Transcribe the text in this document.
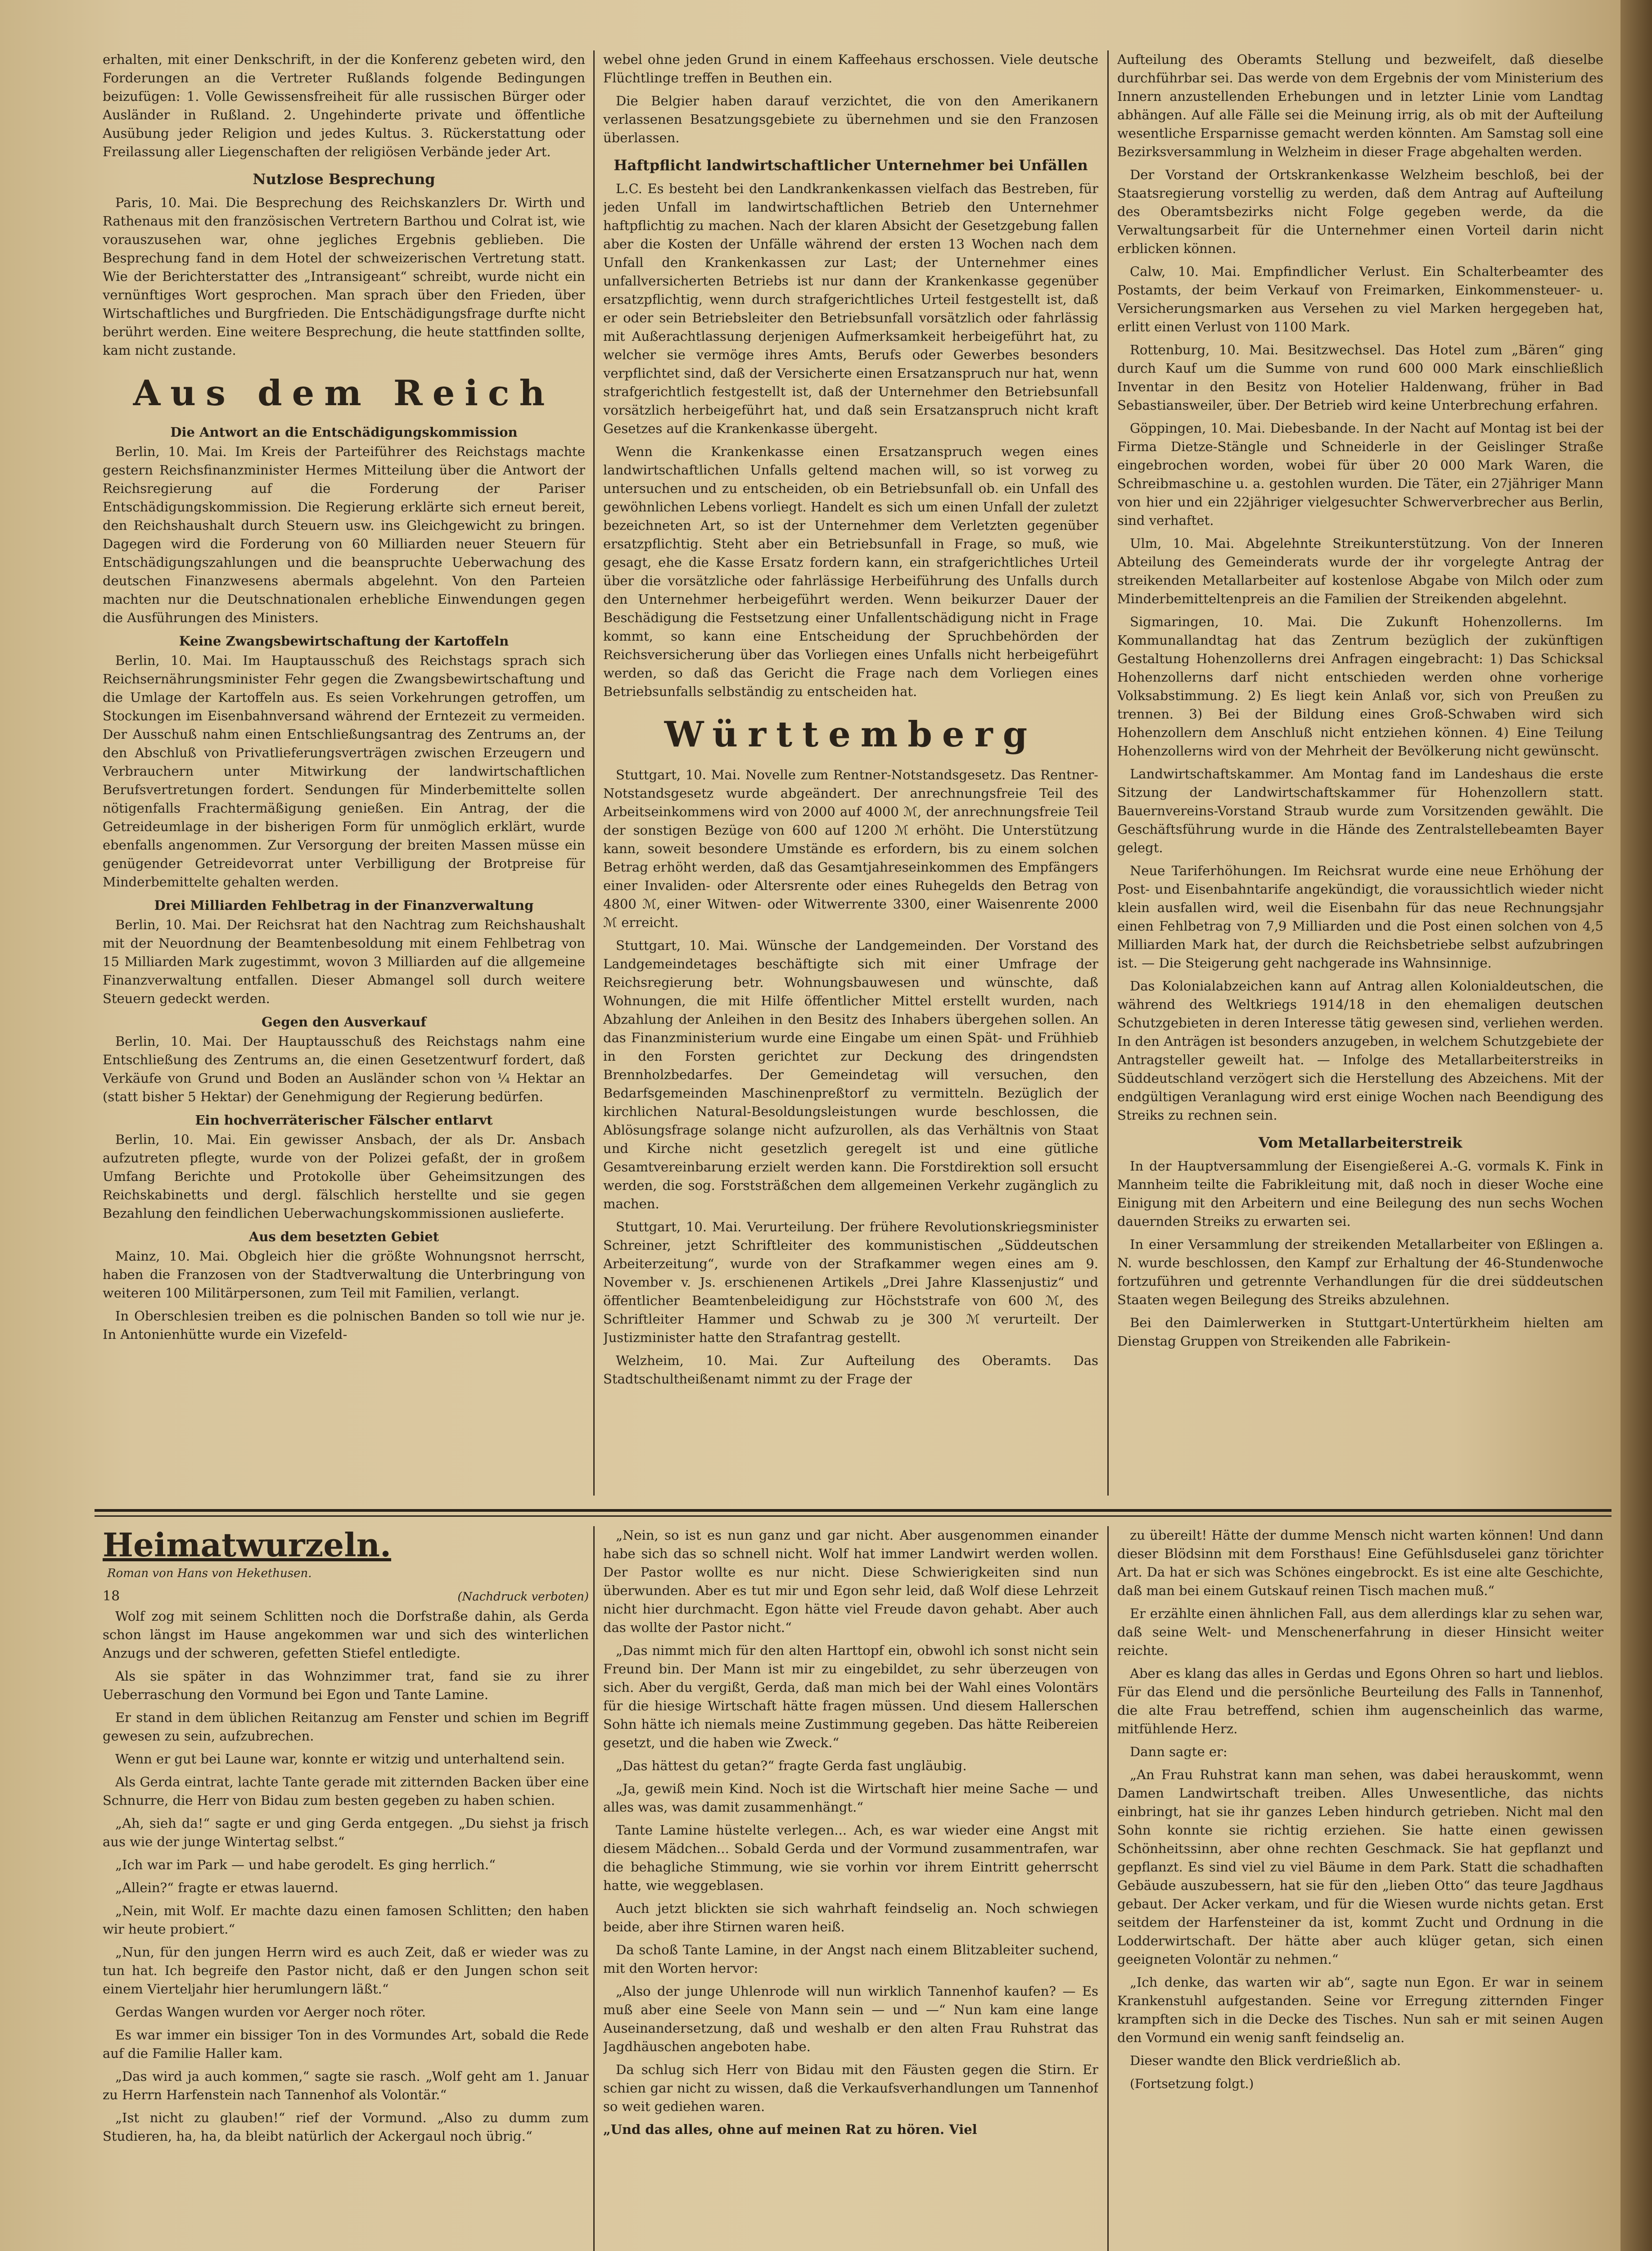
erhalten, mit einer Denkschrift, in der die Konferenz gebeten wird, den Forderungen an die Vertreter Rußlands folgende Bedingungen beizufügen: 1. Volle Gewissensfreiheit für alle russischen Bürger oder Ausländer in Rußland. 2. Ungehinderte private und öffentliche Ausübung jeder Religion und jedes Kultus. 3. Rückerstattung oder Freilassung aller Liegenschaften der religiösen Verbände jeder Art.

Nutzlose Besprechung

Paris, 10. Mai. Die Besprechung des Reichskanzlers Dr. Wirth und Rathenaus mit den französischen Vertretern Barthou und Colrat ist, wie vorauszusehen war, ohne jegliches Ergebnis geblieben. Die Besprechung fand in dem Hotel der schweizerischen Vertretung statt. Wie der Berichterstatter des „Intransigeant“ schreibt, wurde nicht ein vernünftiges Wort gesprochen. Man sprach über den Frieden, über Wirtschaftliches und Burgfrieden. Die Entschädigungsfrage durfte nicht berührt werden. Eine weitere Besprechung, die heute stattfinden sollte, kam nicht zustande.

Aus dem Reich
Die Antwort an die Entschädigungskommission

Berlin, 10. Mai. Im Kreis der Parteiführer des Reichstags machte gestern Reichsfinanzminister Hermes Mitteilung über die Antwort der Reichsregierung auf die Forderung der Pariser Entschädigungskommission. Die Regierung erklärte sich erneut bereit, den Reichshaushalt durch Steuern usw. ins Gleichgewicht zu bringen. Dagegen wird die Forderung von 60 Milliarden neuer Steuern für Entschädigungszahlungen und die beanspruchte Ueberwachung des deutschen Finanzwesens abermals abgelehnt. Von den Parteien machten nur die Deutschnationalen erhebliche Einwendungen gegen die Ausführungen des Ministers.

Keine Zwangsbewirtschaftung der Kartoffeln

Berlin, 10. Mai. Im Hauptausschuß des Reichstags sprach sich Reichsernährungsminister Fehr gegen die Zwangsbewirtschaftung und die Umlage der Kartoffeln aus. Es seien Vorkehrungen getroffen, um Stockungen im Eisenbahnversand während der Erntezeit zu vermeiden. Der Ausschuß nahm einen Entschließungsantrag des Zentrums an, der den Abschluß von Privatlieferungsverträgen zwischen Erzeugern und Verbrauchern unter Mitwirkung der landwirtschaftlichen Berufsvertretungen fordert. Sendungen für Minderbemittelte sollen nötigenfalls Frachtermäßigung genießen. Ein Antrag, der die Getreideumlage in der bisherigen Form für unmöglich erklärt, wurde ebenfalls angenommen. Zur Versorgung der breiten Massen müsse ein genügender Getreidevorrat unter Verbilligung der Brotpreise für Minderbemittelte gehalten werden.

Drei Milliarden Fehlbetrag in der Finanzverwaltung

Berlin, 10. Mai. Der Reichsrat hat den Nachtrag zum Reichshaushalt mit der Neuordnung der Beamtenbesoldung mit einem Fehlbetrag von 15 Milliarden Mark zugestimmt, wovon 3 Milliarden auf die allgemeine Finanzverwaltung entfallen. Dieser Abmangel soll durch weitere Steuern gedeckt werden.

Gegen den Ausverkauf

Berlin, 10. Mai. Der Hauptausschuß des Reichstags nahm eine Entschließung des Zentrums an, die einen Gesetzentwurf fordert, daß Verkäufe von Grund und Boden an Ausländer schon von ¼ Hektar an (statt bisher 5 Hektar) der Genehmigung der Regierung bedürfen.

Ein hochverräterischer Fälscher entlarvt

Berlin, 10. Mai. Ein gewisser Ansbach, der als Dr. Ansbach aufzutreten pflegte, wurde von der Polizei gefaßt, der in großem Umfang Berichte und Protokolle über Geheimsitzungen des Reichskabinetts und dergl. fälschlich herstellte und sie gegen Bezahlung den feindlichen Ueberwachungskommissionen auslieferte.

Aus dem besetzten Gebiet

Mainz, 10. Mai. Obgleich hier die größte Wohnungsnot herrscht, haben die Franzosen von der Stadtverwaltung die Unterbringung von weiteren 100 Militärpersonen, zum Teil mit Familien, verlangt.

In Oberschlesien treiben es die polnischen Banden so toll wie nur je. In Antonienhütte wurde ein Vizefeld-

webel ohne jeden Grund in einem Kaffeehaus erschossen. Viele deutsche Flüchtlinge treffen in Beuthen ein.

Die Belgier haben darauf verzichtet, die von den Amerikanern verlassenen Besatzungsgebiete zu übernehmen und sie den Franzosen überlassen.

Haftpflicht landwirtschaftlicher Unternehmer bei Unfällen

L.C. Es besteht bei den Landkrankenkassen vielfach das Bestreben, für jeden Unfall im landwirtschaftlichen Betrieb den Unternehmer haftpflichtig zu machen. Nach der klaren Absicht der Gesetzgebung fallen aber die Kosten der Unfälle während der ersten 13 Wochen nach dem Unfall den Krankenkassen zur Last; der Unternehmer eines unfallversicherten Betriebs ist nur dann der Krankenkasse gegenüber ersatzpflichtig, wenn durch strafgerichtliches Urteil festgestellt ist, daß er oder sein Betriebsleiter den Betriebsunfall vorsätzlich oder fahrlässig mit Außerachtlassung derjenigen Aufmerksamkeit herbeigeführt hat, zu welcher sie vermöge ihres Amts, Berufs oder Gewerbes besonders verpflichtet sind, daß der Versicherte einen Ersatzanspruch nur hat, wenn strafgerichtlich festgestellt ist, daß der Unternehmer den Betriebsunfall vorsätzlich herbeigeführt hat, und daß sein Ersatzanspruch nicht kraft Gesetzes auf die Krankenkasse übergeht.

Wenn die Krankenkasse einen Ersatzanspruch wegen eines landwirtschaftlichen Unfalls geltend machen will, so ist vorweg zu untersuchen und zu entscheiden, ob ein Betriebsunfall ob. ein Unfall des gewöhnlichen Lebens vorliegt. Handelt es sich um einen Unfall der zuletzt bezeichneten Art, so ist der Unternehmer dem Verletzten gegenüber ersatzpflichtig. Steht aber ein Betriebsunfall in Frage, so muß, wie gesagt, ehe die Kasse Ersatz fordern kann, ein strafgerichtliches Urteil über die vorsätzliche oder fahrlässige Herbeiführung des Unfalls durch den Unternehmer herbeigeführt werden. Wenn beikurzer Dauer der Beschädigung die Festsetzung einer Unfallentschädigung nicht in Frage kommt, so kann eine Entscheidung der Spruchbehörden der Reichsversicherung über das Vorliegen eines Unfalls nicht herbeigeführt werden, so daß das Gericht die Frage nach dem Vorliegen eines Betriebsunfalls selbständig zu entscheiden hat.

Württemberg

Stuttgart, 10. Mai. Novelle zum Rentner-Notstandsgesetz. Das Rentner-Notstandsgesetz wurde abgeändert. Der anrechnungsfreie Teil des Arbeitseinkommens wird von 2000 auf 4000 ℳ, der anrechnungsfreie Teil der sonstigen Bezüge von 600 auf 1200 ℳ erhöht. Die Unterstützung kann, soweit besondere Umstände es erfordern, bis zu einem solchen Betrag erhöht werden, daß das Gesamtjahreseinkommen des Empfängers einer Invaliden- oder Altersrente oder eines Ruhegelds den Betrag von 4800 ℳ, einer Witwen- oder Witwerrente 3300, einer Waisenrente 2000 ℳ erreicht.

Stuttgart, 10. Mai. Wünsche der Landgemeinden. Der Vorstand des Landgemeindetages beschäftigte sich mit einer Umfrage der Reichsregierung betr. Wohnungsbauwesen und wünschte, daß Wohnungen, die mit Hilfe öffentlicher Mittel erstellt wurden, nach Abzahlung der Anleihen in den Besitz des Inhabers übergehen sollen. An das Finanzministerium wurde eine Eingabe um einen Spät- und Frühhieb in den Forsten gerichtet zur Deckung des dringendsten Brennholzbedarfes. Der Gemeindetag will versuchen, den Bedarfsgemeinden Maschinenpreßtorf zu vermitteln. Bezüglich der kirchlichen Natural-Besoldungsleistungen wurde beschlossen, die Ablösungsfrage solange nicht aufzurollen, als das Verhältnis von Staat und Kirche nicht gesetzlich geregelt ist und eine gütliche Gesamtvereinbarung erzielt werden kann. Die Forstdirektion soll ersucht werden, die sog. Forststräßchen dem allgemeinen Verkehr zugänglich zu machen.

Stuttgart, 10. Mai. Verurteilung. Der frühere Revolutionskriegsminister Schreiner, jetzt Schriftleiter des kommunistischen „Süddeutschen Arbeiterzeitung“, wurde von der Strafkammer wegen eines am 9. November v. Js. erschienenen Artikels „Drei Jahre Klassenjustiz“ und öffentlicher Beamtenbeleidigung zur Höchststrafe von 600 ℳ, des Schriftleiter Hammer und Schwab zu je 300 ℳ verurteilt. Der Justizminister hatte den Strafantrag gestellt.

Welzheim, 10. Mai. Zur Aufteilung des Oberamts. Das Stadtschultheißenamt nimmt zu der Frage der

Aufteilung des Oberamts Stellung und bezweifelt, daß dieselbe durchführbar sei. Das werde von dem Ergebnis der vom Ministerium des Innern anzustellenden Erhebungen und in letzter Linie vom Landtag abhängen. Auf alle Fälle sei die Meinung irrig, als ob mit der Aufteilung wesentliche Ersparnisse gemacht werden könnten. Am Samstag soll eine Bezirksversammlung in Welzheim in dieser Frage abgehalten werden.

Der Vorstand der Ortskrankenkasse Welzheim beschloß, bei der Staatsregierung vorstellig zu werden, daß dem Antrag auf Aufteilung des Oberamtsbezirks nicht Folge gegeben werde, da die Verwaltungsarbeit für die Unternehmer einen Vorteil darin nicht erblicken können.

Calw, 10. Mai. Empfindlicher Verlust. Ein Schalterbeamter des Postamts, der beim Verkauf von Freimarken, Einkommensteuer- u. Versicherungsmarken aus Versehen zu viel Marken hergegeben hat, erlitt einen Verlust von 1100 Mark.

Rottenburg, 10. Mai. Besitzwechsel. Das Hotel zum „Bären“ ging durch Kauf um die Summe von rund 600 000 Mark einschließlich Inventar in den Besitz von Hotelier Haldenwang, früher in Bad Sebastiansweiler, über. Der Betrieb wird keine Unterbrechung erfahren.

Göppingen, 10. Mai. Diebesbande. In der Nacht auf Montag ist bei der Firma Dietze-Stängle und Schneiderle in der Geislinger Straße eingebrochen worden, wobei für über 20 000 Mark Waren, die Schreibmaschine u. a. gestohlen wurden. Die Täter, ein 27jähriger Mann von hier und ein 22jähriger vielgesuchter Schwerverbrecher aus Berlin, sind verhaftet.

Ulm, 10. Mai. Abgelehnte Streikunterstützung. Von der Inneren Abteilung des Gemeinderats wurde der ihr vorgelegte Antrag der streikenden Metallarbeiter auf kostenlose Abgabe von Milch oder zum Minderbemitteltenpreis an die Familien der Streikenden abgelehnt.

Sigmaringen, 10. Mai. Die Zukunft Hohenzollerns. Im Kommunallandtag hat das Zentrum bezüglich der zukünftigen Gestaltung Hohenzollerns drei Anfragen eingebracht: 1) Das Schicksal Hohenzollerns darf nicht entschieden werden ohne vorherige Volksabstimmung. 2) Es liegt kein Anlaß vor, sich von Preußen zu trennen. 3) Bei der Bildung eines Groß-Schwaben wird sich Hohenzollern dem Anschluß nicht entziehen können. 4) Eine Teilung Hohenzollerns wird von der Mehrheit der Bevölkerung nicht gewünscht.

Landwirtschaftskammer. Am Montag fand im Landeshaus die erste Sitzung der Landwirtschaftskammer für Hohenzollern statt. Bauernvereins-Vorstand Straub wurde zum Vorsitzenden gewählt. Die Geschäftsführung wurde in die Hände des Zentralstellebeamten Bayer gelegt.

Neue Tariferhöhungen. Im Reichsrat wurde eine neue Erhöhung der Post- und Eisenbahntarife angekündigt, die voraussichtlich wieder nicht klein ausfallen wird, weil die Eisenbahn für das neue Rechnungsjahr einen Fehlbetrag von 7,9 Milliarden und die Post einen solchen von 4,5 Milliarden Mark hat, der durch die Reichsbetriebe selbst aufzubringen ist. — Die Steigerung geht nachgerade ins Wahnsinnige.

Das Kolonialabzeichen kann auf Antrag allen Kolonialdeutschen, die während des Weltkriegs 1914/18 in den ehemaligen deutschen Schutzgebieten in deren Interesse tätig gewesen sind, verliehen werden. In den Anträgen ist besonders anzugeben, in welchem Schutzgebiete der Antragsteller geweilt hat. — Infolge des Metallarbeiterstreiks in Süddeutschland verzögert sich die Herstellung des Abzeichens. Mit der endgültigen Veranlagung wird erst einige Wochen nach Beendigung des Streiks zu rechnen sein.

Vom Metallarbeiterstreik

In der Hauptversammlung der Eisengießerei A.-G. vormals K. Fink in Mannheim teilte die Fabrikleitung mit, daß noch in dieser Woche eine Einigung mit den Arbeitern und eine Beilegung des nun sechs Wochen dauernden Streiks zu erwarten sei.

In einer Versammlung der streikenden Metallarbeiter von Eßlingen a. N. wurde beschlossen, den Kampf zur Erhaltung der 46-Stundenwoche fortzuführen und getrennte Verhandlungen für die drei süddeutschen Staaten wegen Beilegung des Streiks abzulehnen.

Bei den Daimlerwerken in Stuttgart-Untertürkheim hielten am Dienstag Gruppen von Streikenden alle Fabrikein-

Heimatwurzeln.
Roman von Hans von Hekethusen.
18	(Nachdruck verboten)

Wolf zog mit seinem Schlitten noch die Dorfstraße dahin, als Gerda schon längst im Hause angekommen war und sich des winterlichen Anzugs und der schweren, gefetten Stiefel entledigte.

Als sie später in das Wohnzimmer trat, fand sie zu ihrer Ueberraschung den Vormund bei Egon und Tante Lamine.

Er stand in dem üblichen Reitanzug am Fenster und schien im Begriff gewesen zu sein, aufzubrechen.

Wenn er gut bei Laune war, konnte er witzig und unterhaltend sein.

Als Gerda eintrat, lachte Tante gerade mit zitternden Backen über eine Schnurre, die Herr von Bidau zum besten gegeben zu haben schien.

„Ah, sieh da!“ sagte er und ging Gerda entgegen. „Du siehst ja frisch aus wie der junge Wintertag selbst.“

„Ich war im Park — und habe gerodelt. Es ging herrlich.“

„Allein?“ fragte er etwas lauernd.

„Nein, mit Wolf. Er machte dazu einen famosen Schlitten; den haben wir heute probiert.“

„Nun, für den jungen Herrn wird es auch Zeit, daß er wieder was zu tun hat. Ich begreife den Pastor nicht, daß er den Jungen schon seit einem Vierteljahr hier herumlungern läßt.“

Gerdas Wangen wurden vor Aerger noch röter.

Es war immer ein bissiger Ton in des Vormundes Art, sobald die Rede auf die Familie Haller kam.

„Das wird ja auch kommen,“ sagte sie rasch. „Wolf geht am 1. Januar zu Herrn Harfenstein nach Tannenhof als Volontär.“

„Ist nicht zu glauben!“ rief der Vormund. „Also zu dumm zum Studieren, ha, ha, da bleibt natürlich der Ackergaul noch übrig.“

„Nein, so ist es nun ganz und gar nicht. Aber ausgenommen einander habe sich das so schnell nicht. Wolf hat immer Landwirt werden wollen. Der Pastor wollte es nur nicht. Diese Schwierigkeiten sind nun überwunden. Aber es tut mir und Egon sehr leid, daß Wolf diese Lehrzeit nicht hier durchmacht. Egon hätte viel Freude davon gehabt. Aber auch das wollte der Pastor nicht.“

„Das nimmt mich für den alten Harttopf ein, obwohl ich sonst nicht sein Freund bin. Der Mann ist mir zu eingebildet, zu sehr überzeugen von sich. Aber du vergißt, Gerda, daß man mich bei der Wahl eines Volontärs für die hiesige Wirtschaft hätte fragen müssen. Und diesem Hallerschen Sohn hätte ich niemals meine Zustimmung gegeben. Das hätte Reibereien gesetzt, und die haben wie Zweck.“

„Das hättest du getan?“ fragte Gerda fast ungläubig.

„Ja, gewiß mein Kind. Noch ist die Wirtschaft hier meine Sache — und alles was, was damit zusammenhängt.“

Tante Lamine hüstelte verlegen... Ach, es war wieder eine Angst mit diesem Mädchen... Sobald Gerda und der Vormund zusammentrafen, war die behagliche Stimmung, wie sie vorhin vor ihrem Eintritt geherrscht hatte, wie weggeblasen.

Auch jetzt blickten sie sich wahrhaft feindselig an. Noch schwiegen beide, aber ihre Stirnen waren heiß.

Da schoß Tante Lamine, in der Angst nach einem Blitzableiter suchend, mit den Worten hervor:

„Also der junge Uhlenrode will nun wirklich Tannenhof kaufen? — Es muß aber eine Seele von Mann sein — und —“ Nun kam eine lange Auseinandersetzung, daß und weshalb er den alten Frau Ruhstrat das Jagdhäuschen angeboten habe.

Da schlug sich Herr von Bidau mit den Fäusten gegen die Stirn. Er schien gar nicht zu wissen, daß die Verkaufsverhandlungen um Tannenhof so weit gediehen waren.

„Und das alles, ohne auf meinen Rat zu hören. Viel

zu übereilt! Hätte der dumme Mensch nicht warten können! Und dann dieser Blödsinn mit dem Forsthaus! Eine Gefühlsduselei ganz törichter Art. Da hat er sich was Schönes eingebrockt. Es ist eine alte Geschichte, daß man bei einem Gutskauf reinen Tisch machen muß.“

Er erzählte einen ähnlichen Fall, aus dem allerdings klar zu sehen war, daß seine Welt- und Menschenerfahrung in dieser Hinsicht weiter reichte.

Aber es klang das alles in Gerdas und Egons Ohren so hart und lieblos. Für das Elend und die persönliche Beurteilung des Falls in Tannenhof, die alte Frau betreffend, schien ihm augenscheinlich das warme, mitfühlende Herz.

Dann sagte er:

„An Frau Ruhstrat kann man sehen, was dabei herauskommt, wenn Damen Landwirtschaft treiben. Alles Unwesentliche, das nichts einbringt, hat sie ihr ganzes Leben hindurch getrieben. Nicht mal den Sohn konnte sie richtig erziehen. Sie hatte einen gewissen Schönheitssinn, aber ohne rechten Geschmack. Sie hat gepflanzt und gepflanzt. Es sind viel zu viel Bäume in dem Park. Statt die schadhaften Gebäude auszubessern, hat sie für den „lieben Otto“ das teure Jagdhaus gebaut. Der Acker verkam, und für die Wiesen wurde nichts getan. Erst seitdem der Harfensteiner da ist, kommt Zucht und Ordnung in die Lodderwirtschaft. Der hätte aber auch klüger getan, sich einen geeigneten Volontär zu nehmen.“

„Ich denke, das warten wir ab“, sagte nun Egon. Er war in seinem Krankenstuhl aufgestanden. Seine vor Erregung zitternden Finger krampften sich in die Decke des Tisches. Nun sah er mit seinen Augen den Vormund ein wenig sanft feindselig an.

Dieser wandte den Blick verdrießlich ab.

(Fortsetzung folgt.)
